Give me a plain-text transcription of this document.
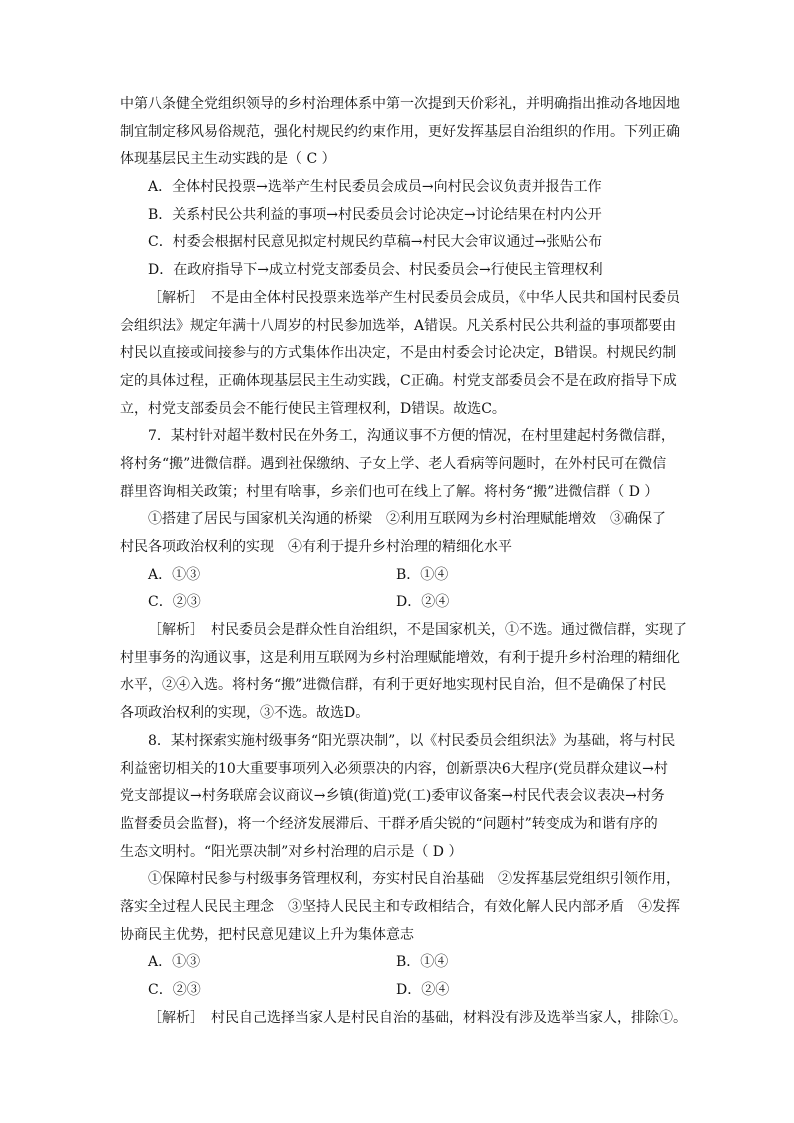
中第八条健全党组织领导的乡村治理体系中第一次提到天价彩礼，并明确指出推动各地因地
制宜制定移风易俗规范，强化村规民约约束作用，更好发挥基层自治组织的作用。下列正确
体现基层民主生动实践的是（ C ）
A．全体村民投票→选举产生村民委员会成员→向村民会议负责并报告工作
B．关系村民公共利益的事项→村民委员会讨论决定→讨论结果在村内公开
C．村委会根据村民意见拟定村规民约草稿→村民大会审议通过→张贴公布
D．在政府指导下→成立村党支部委员会、村民委员会→行使民主管理权利
［解析］　不是由全体村民投票来选举产生村民委员会成员，《中华人民共和国村民委员
会组织法》规定年满十八周岁的村民参加选举，A错误。凡关系村民公共利益的事项都要由
村民以直接或间接参与的方式集体作出决定，不是由村委会讨论决定，B错误。村规民约制
定的具体过程，正确体现基层民主生动实践，C正确。村党支部委员会不是在政府指导下成
立，村党支部委员会不能行使民主管理权利，D错误。故选C。
7．某村针对超半数村民在外务工，沟通议事不方便的情况，在村里建起村务微信群，
将村务“搬”进微信群。遇到社保缴纳、子女上学、老人看病等问题时，在外村民可在微信
群里咨询相关政策；村里有啥事，乡亲们也可在线上了解。将村务“搬”进微信群（ D ）
①搭建了居民与国家机关沟通的桥梁　②利用互联网为乡村治理赋能增效　③确保了
村民各项政治权利的实现　④有利于提升乡村治理的精细化水平
A．①③	B．①④
C．②③	D．②④
［解析］　村民委员会是群众性自治组织，不是国家机关，①不选。通过微信群，实现了
村里事务的沟通议事，这是利用互联网为乡村治理赋能增效，有利于提升乡村治理的精细化
水平，②④入选。将村务“搬”进微信群，有利于更好地实现村民自治，但不是确保了村民
各项政治权利的实现，③不选。故选D。
8．某村探索实施村级事务“阳光票决制”，以《村民委员会组织法》为基础，将与村民
利益密切相关的10大重要事项列入必须票决的内容，创新票决6大程序(党员群众建议→村
党支部提议→村务联席会议商议→乡镇(街道)党(工)委审议备案→村民代表会议表决→村务
监督委员会监督)，将一个经济发展滞后、干群矛盾尖锐的“问题村”转变成为和谐有序的
生态文明村。“阳光票决制”对乡村治理的启示是（ D ）
①保障村民参与村级事务管理权利，夯实村民自治基础　②发挥基层党组织引领作用，
落实全过程人民民主理念　③坚持人民民主和专政相结合，有效化解人民内部矛盾　④发挥
协商民主优势，把村民意见建议上升为集体意志
A．①③	B．①④
C．②③	D．②④
［解析］　村民自己选择当家人是村民自治的基础，材料没有涉及选举当家人，排除①。
